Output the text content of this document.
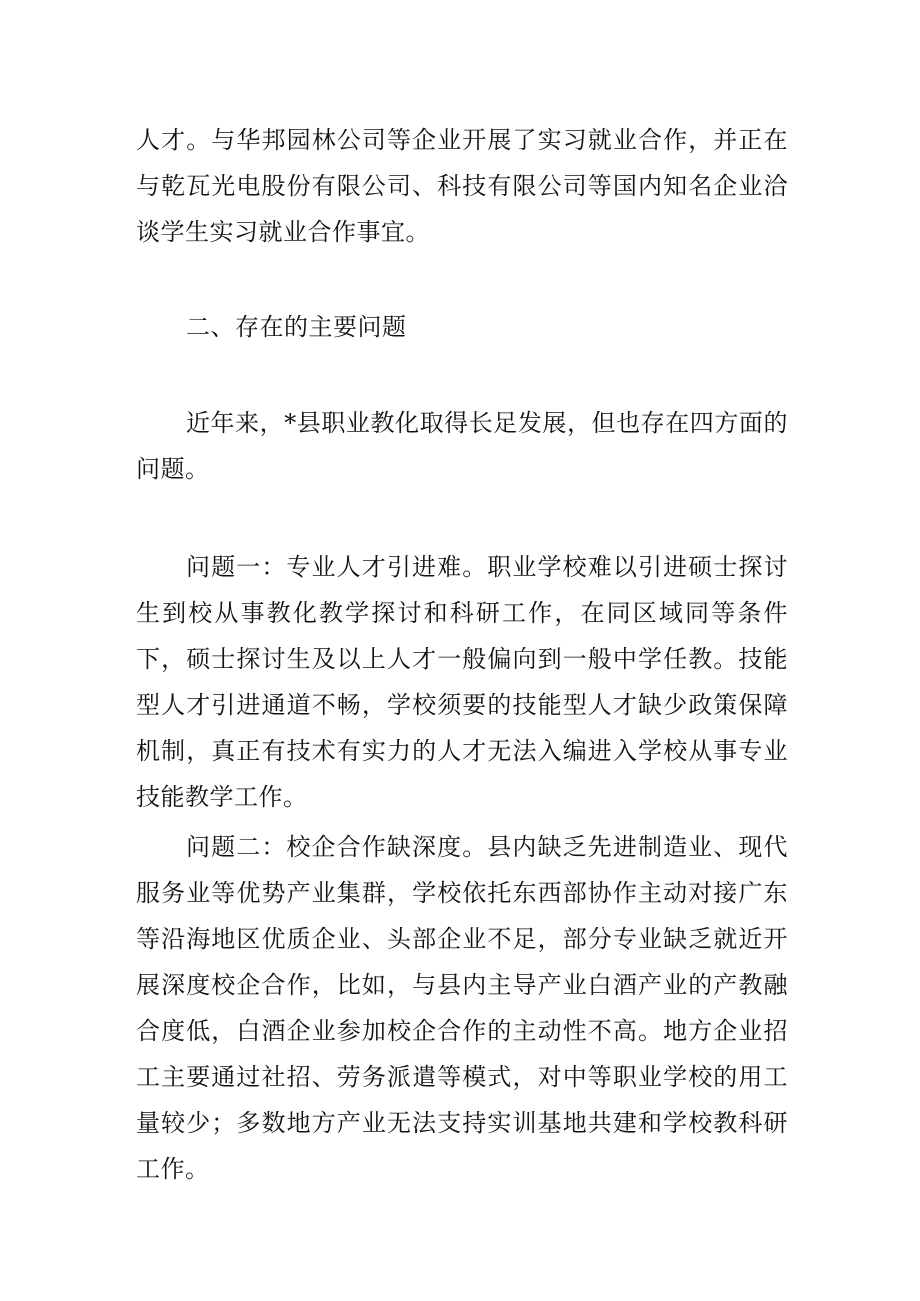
人才。与华邦园林公司等企业开展了实习就业合作，并正在与乾瓦光电股份有限公司、科技有限公司等国内知名企业洽谈学生实习就业合作事宜。

二、存在的主要问题

近年来，*县职业教化取得长足发展，但也存在四方面的问题。

问题一：专业人才引进难。职业学校难以引进硕士探讨生到校从事教化教学探讨和科研工作，在同区域同等条件下，硕士探讨生及以上人才一般偏向到一般中学任教。技能型人才引进通道不畅，学校须要的技能型人才缺少政策保障机制，真正有技术有实力的人才无法入编进入学校从事专业技能教学工作。

问题二：校企合作缺深度。县内缺乏先进制造业、现代服务业等优势产业集群，学校依托东西部协作主动对接广东等沿海地区优质企业、头部企业不足，部分专业缺乏就近开展深度校企合作，比如，与县内主导产业白酒产业的产教融合度低，白酒企业参加校企合作的主动性不高。地方企业招工主要通过社招、劳务派遣等模式，对中等职业学校的用工量较少；多数地方产业无法支持实训基地共建和学校教科研工作。
